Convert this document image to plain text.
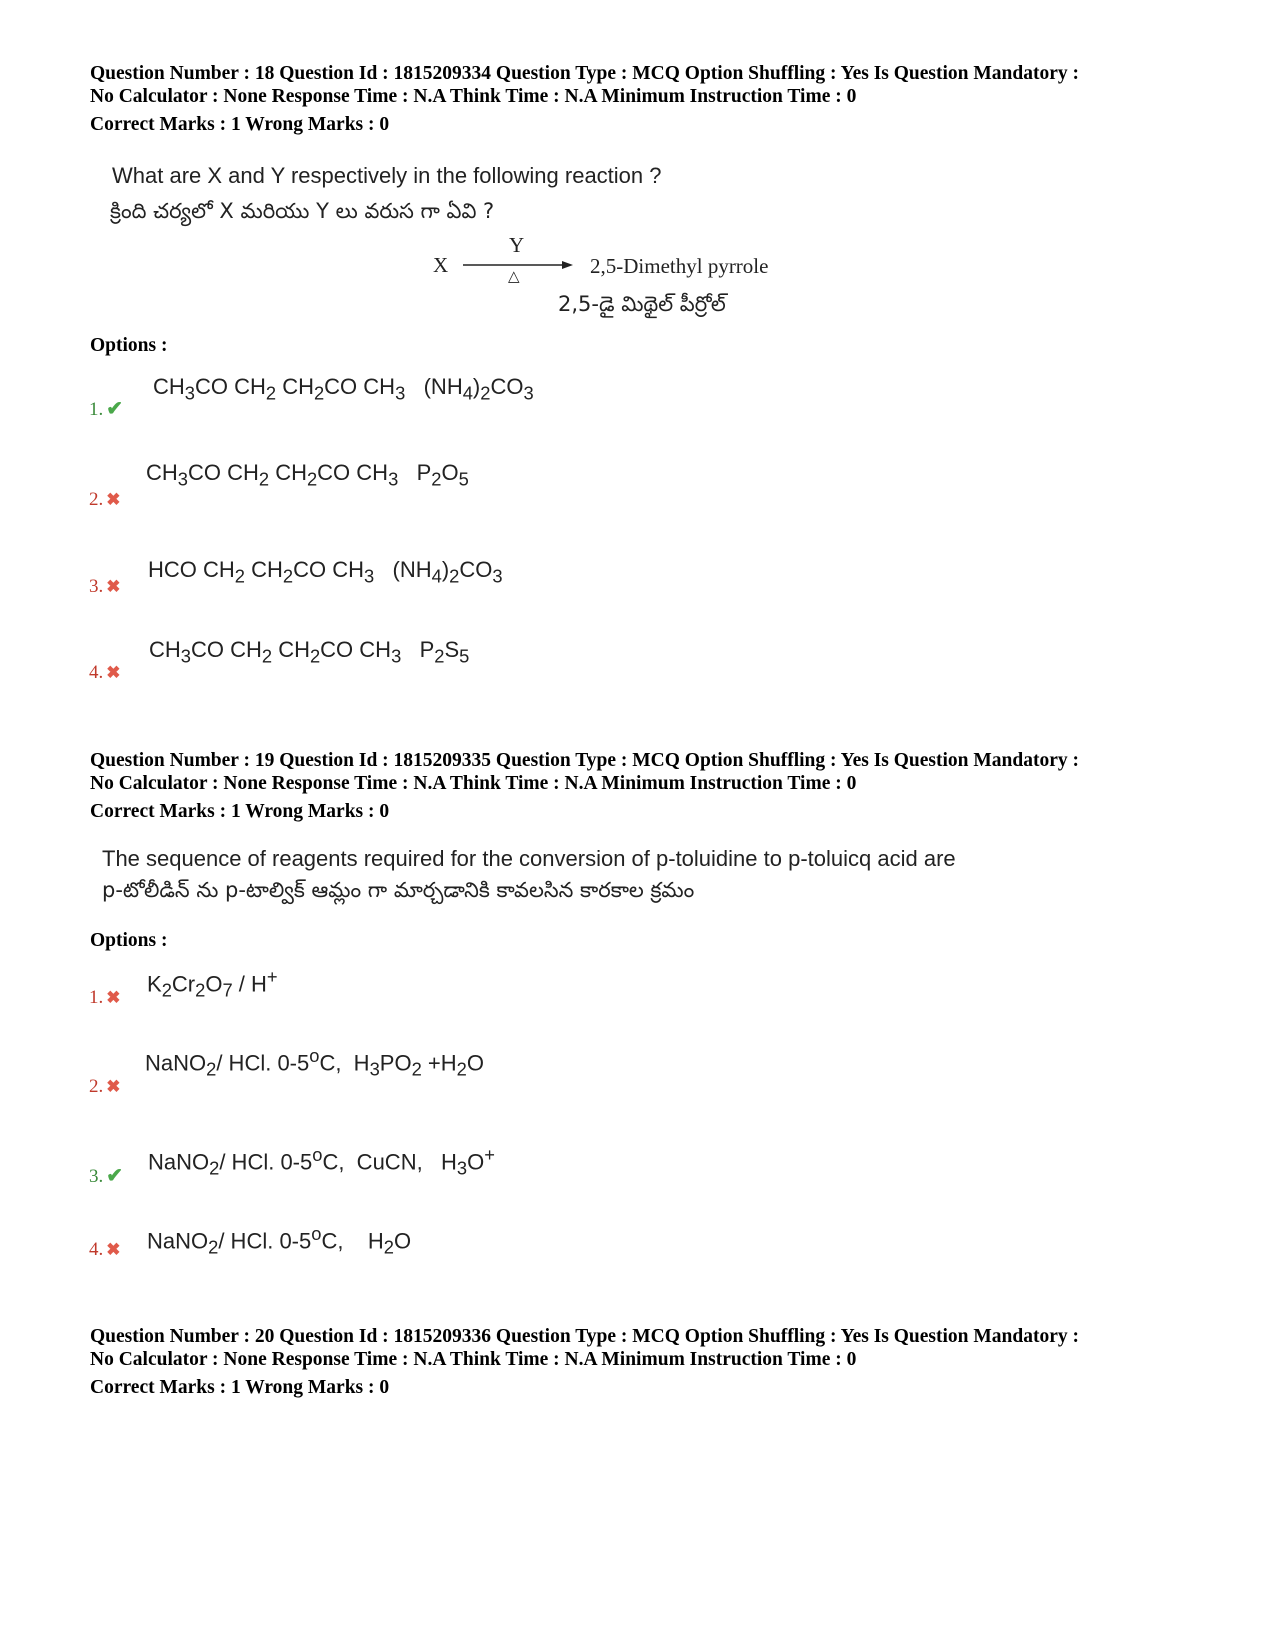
Question Number : 18 Question Id : 1815209334 Question Type : MCQ Option Shuffling : Yes Is Question Mandatory :
No Calculator : None Response Time : N.A Think Time : N.A Minimum Instruction Time : 0
Correct Marks : 1 Wrong Marks : 0
What are X and Y respectively in the following reaction ?
క్రింది చర్యలో X మరియు Y లు వరుస గా ఏవి ?
X
Y
△	2,5-Dimethyl pyrrole
2,5-డై మిథైల్ పీర్రోల్
Options :
1. ✔
$CH_3CO$ $CH_2$ $CH_2CO$ $CH_3$   $(NH_4)_2CO_3$
2. ✖
$CH_3CO$ $CH_2$ $CH_2CO$ $CH_3$   $P_2O_5$
3. ✖
HCO $CH_2$ $CH_2CO$ $CH_3$   $(NH_4)_2CO_3$
4. ✖
$CH_3CO$ $CH_2$ $CH_2CO$ $CH_3$   $P_2S_5$
Question Number : 19 Question Id : 1815209335 Question Type : MCQ Option Shuffling : Yes Is Question Mandatory :
No Calculator : None Response Time : N.A Think Time : N.A Minimum Instruction Time : 0
Correct Marks : 1 Wrong Marks : 0
The sequence of reagents required for the conversion of p-toluidine to p-toluicq acid are
p-టోలీడిన్ ను p-టాల్విక్ ఆమ్లం గా మార్చడానికి కావలసిన కారకాల క్రమం
Options :
1. ✖
$K_2Cr_2O_7 / H^+$
2. ✖
NaNO$_2$/ HCl. 0-5$^o$C,  $H_3PO_2 +H_2O$
3. ✔
NaNO$_2$/ HCl. 0-5$^o$C,  CuCN,   $H_3O^+$
4. ✖ NaNO$_2$/ HCl. 0-5$^o$C,    $H_2O$
Question Number : 20 Question Id : 1815209336 Question Type : MCQ Option Shuffling : Yes Is Question Mandatory :
No Calculator : None Response Time : N.A Think Time : N.A Minimum Instruction Time : 0
Correct Marks : 1 Wrong Marks : 0
